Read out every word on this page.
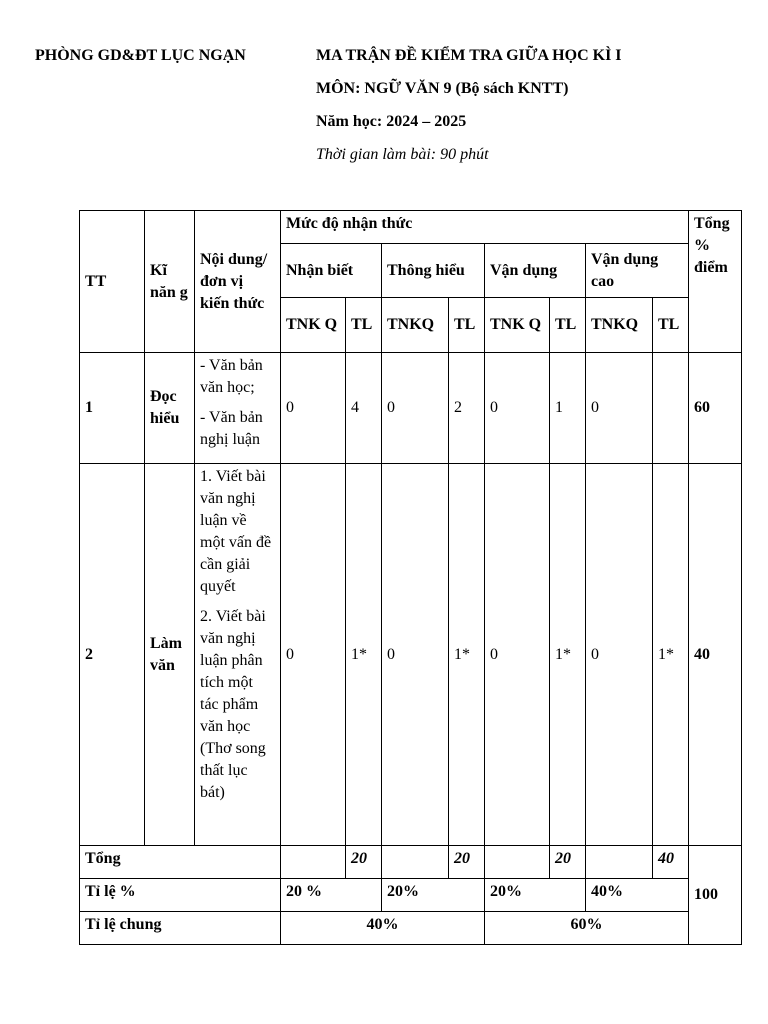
PHÒNG GD&ĐT LỤC NGẠN	MA TRẬN ĐỀ KIỂM TRA GIỮA HỌC KÌ I
MÔN: NGỮ VĂN 9 (Bộ sách KNTT)
Năm học: 2024 – 2025
Thời gian làm bài: 90 phút
TT	Kĩ năn g	Nội dung/đơn vị kiến thức	Mức độ nhận thức								Tổng % điểm
			Nhận biết		Thông hiểu		Vận dụng		Vận dụng cao		
			TNK Q	TL	TNKQ	TL	TNK Q	TL	TNKQ	TL	
1	Đọc hiểu	- Văn bản văn học;

- Văn bản nghị luận	0	4	0	2	0	1	0		60
2	Làm văn	1. Viết bài văn nghị luận về một vấn đề cần giải quyết

2. Viết bài văn nghị luận phân tích một tác phẩm văn học (Thơ song thất lục bát)	0	1*	0	1*	0	1*	0	1*	40
Tổng				20		20		20		40	100
Tỉ lệ %			20 %		20%		20%		40%		
Tỉ lệ chung			40%				60%				
